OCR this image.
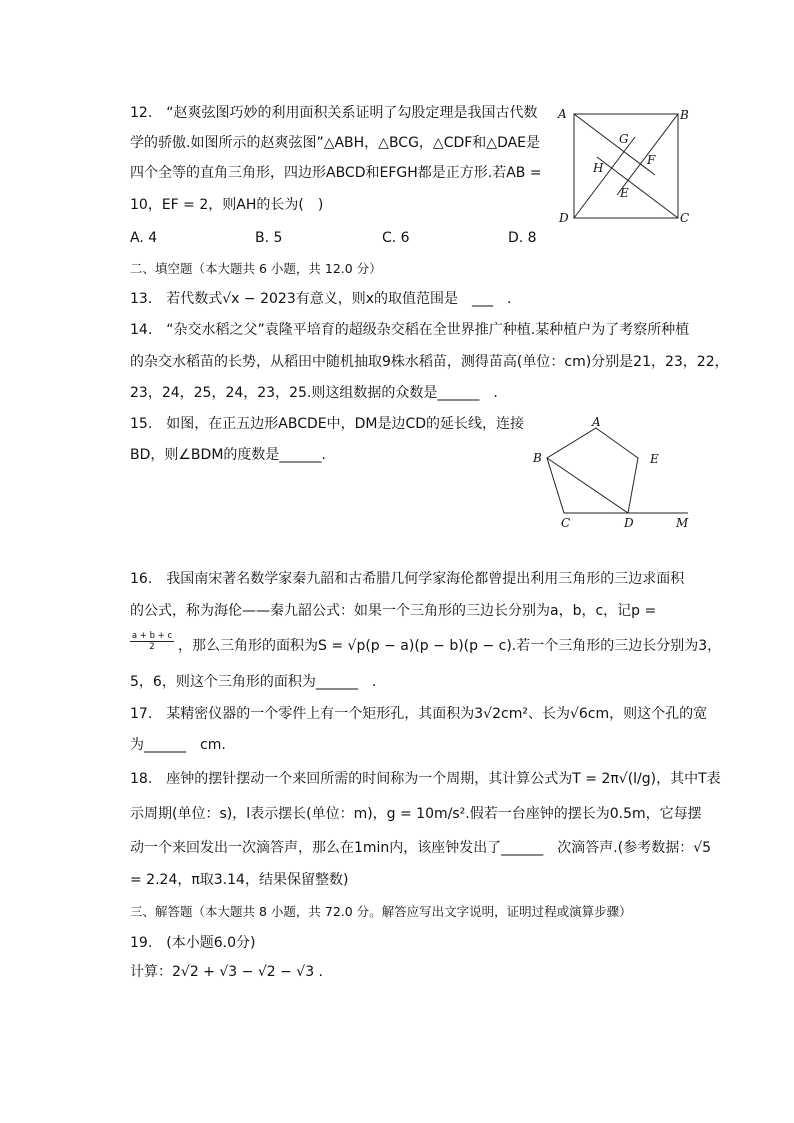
12.　“赵爽弦图巧妙的利用面积关系证明了勾股定理是我国古代数
学的骄傲.如图所示的赵爽弦图”△ABH，△BCG，△CDF和△DAE是
四个全等的直角三角形，四边形ABCD和EFGH都是正方形.若AB =
10，EF = 2，则AH的长为(　)
A. 4	B. 5	C. 6	D. 8
A	B
C
D
G
F
H
E
二、填空题（本大题共 6 小题，共 12.0 分）
13.　若代数式√x − 2023有意义，则x的取值范围是　___　.
14.　“杂交水稻之父”袁隆平培育的超级杂交稻在全世界推广种植.某种植户为了考察所种植
的杂交水稻苗的长势，从稻田中随机抽取9株水稻苗，测得苗高(单位：cm)分别是21，23，22，
23，24，25，24，23，25.则这组数据的众数是______　.
15.　如图，在正五边形ABCDE中，DM是边CD的延长线，连接
BD，则∠BDM的度数是______.
A
B	E
C	D	M
16.　我国南宋著名数学家秦九韶和古希腊几何学家海伦都曾提出利用三角形的三边求面积
的公式，称为海伦——秦九韶公式：如果一个三角形的三边长分别为a，b，c，记p =
$\frac{a + b + c}{2}$ ，那么三角形的面积为S = √p(p − a)(p − b)(p − c).若一个三角形的三边长分别为3，
5，6，则这个三角形的面积为______　.
17.　某精密仪器的一个零件上有一个矩形孔，其面积为3√2cm²、长为√6cm，则这个孔的宽
为______　cm.
18.　座钟的摆针摆动一个来回所需的时间称为一个周期，其计算公式为T = 2π√(l/g)，其中T表
示周期(单位：s)，l表示摆长(单位：m)，g = 10m/s².假若一台座钟的摆长为0.5m，它每摆
动一个来回发出一次滴答声，那么在1min内，该座钟发出了______　次滴答声.(参考数据：√5
= 2.24，π取3.14，结果保留整数)
三、解答题（本大题共 8 小题，共 72.0 分。解答应写出文字说明，证明过程或演算步骤）
19.　(本小题6.0分)
计算：2√2 + √3 − √2 − √3 .
